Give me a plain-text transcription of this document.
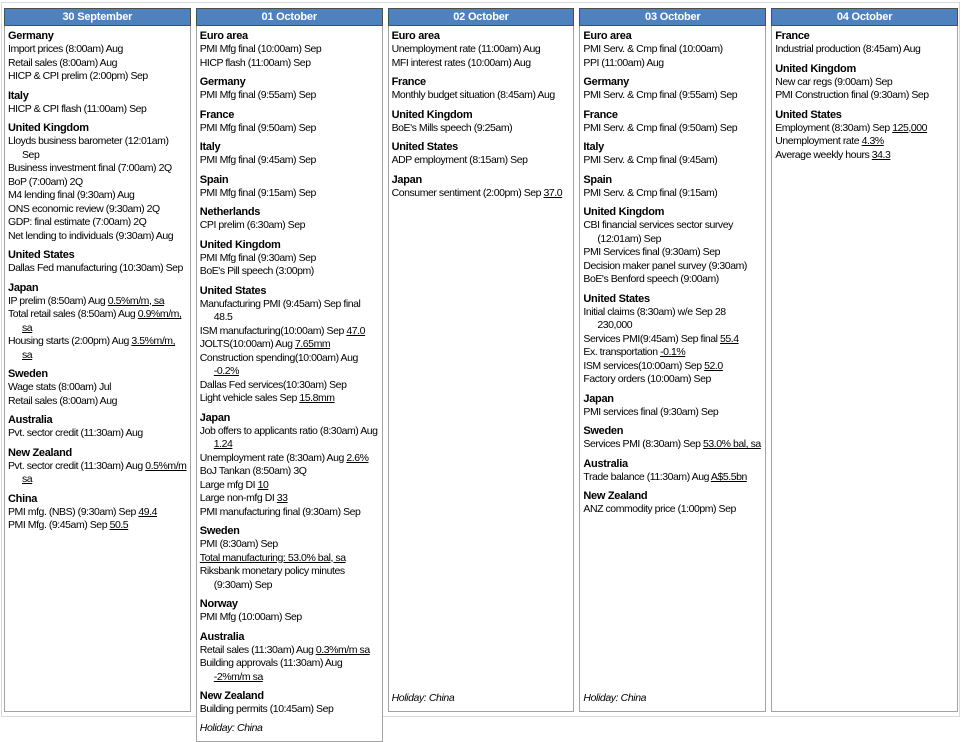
30 September
Germany
Import prices (8:00am) Aug
Retail sales (8:00am) Aug
HICP & CPI prelim (2:00pm) Sep
Italy
HICP & CPI flash (11:00am) Sep
United Kingdom
Lloyds business barometer (12:01am) Sep
Business investment final (7:00am) 2Q
BoP (7:00am) 2Q
M4 lending final (9:30am) Aug
ONS economic review (9:30am) 2Q
GDP: final estimate (7:00am) 2Q
Net lending to individuals (9:30am) Aug
United States
Dallas Fed manufacturing (10:30am) Sep
Japan
IP prelim (8:50am) Aug 0.5%m/m, sa
Total retail sales (8:50am) Aug 0.9%m/m, sa
Housing starts (2:00pm) Aug 3.5%m/m, sa
Sweden
Wage stats (8:00am) Jul
Retail sales (8:00am) Aug
Australia
Pvt. sector credit (11:30am) Aug
New Zealand
Pvt. sector credit (11:30am) Aug 0.5%m/m sa
China
PMI mfg. (NBS) (9:30am) Sep 49.4
PMI Mfg. (9:45am) Sep 50.5
01 October
Euro area
PMI Mfg final (10:00am) Sep
HICP flash (11:00am) Sep
Germany
PMI Mfg final (9:55am) Sep
France
PMI Mfg final (9:50am) Sep
Italy
PMI Mfg final (9:45am) Sep
Spain
PMI Mfg final (9:15am) Sep
Netherlands
CPI prelim (6:30am) Sep
United Kingdom
PMI Mfg final (9:30am) Sep
BoE's Pill speech (3:00pm)
United States
Manufacturing PMI (9:45am) Sep final 48.5
ISM manufacturing(10:00am) Sep 47.0
JOLTS(10:00am) Aug 7.65mm
Construction spending(10:00am) Aug -0.2%
Dallas Fed services(10:30am) Sep
Light vehicle sales Sep 15.8mm
Japan
Job offers to applicants ratio (8:30am) Aug 1.24
Unemployment rate (8:30am) Aug 2.6%
BoJ Tankan (8:50am) 3Q
Large mfg DI 10
Large non-mfg DI 33
PMI manufacturing final (9:30am) Sep
Sweden
PMI (8:30am) Sep
Total manufacturing: 53.0% bal, sa
Riksbank monetary policy minutes (9:30am) Sep
Norway
PMI Mfg (10:00am) Sep
Australia
Retail sales (11:30am) Aug 0.3%m/m sa
Building approvals (11:30am) Aug -2%m/m sa
New Zealand
Building permits (10:45am) Sep
Holiday: China
02 October
Euro area
Unemployment rate (11:00am) Aug
MFI interest rates (10:00am) Aug
France
Monthly budget situation (8:45am) Aug
United Kingdom
BoE's Mills speech (9:25am)
United States
ADP employment (8:15am) Sep
Japan
Consumer sentiment (2:00pm) Sep 37.0
Holiday: China
03 October
Euro area
PMI Serv. & Cmp final (10:00am)
PPI (11:00am) Aug
Germany
PMI Serv. & Cmp final (9:55am) Sep
France
PMI Serv. & Cmp final (9:50am) Sep
Italy
PMI Serv. & Cmp final (9:45am)
Spain
PMI Serv. & Cmp final (9:15am)
United Kingdom
CBI financial services sector survey (12:01am) Sep
PMI Services final (9:30am) Sep
Decision maker panel survey (9:30am)
BoE's Benford speech (9:00am)
United States
Initial claims (8:30am) w/e Sep 28 230,000
Services PMI(9:45am) Sep final 55.4
Ex. transportation -0.1%
ISM services(10:00am) Sep 52.0
Factory orders (10:00am) Sep
Japan
PMI services final (9:30am) Sep
Sweden
Services PMI (8:30am) Sep 53.0% bal, sa
Australia
Trade balance (11:30am) Aug A$5.5bn
New Zealand
ANZ commodity price (1:00pm) Sep
Holiday: China
04 October
France
Industrial production (8:45am) Aug
United Kingdom
New car regs (9:00am) Sep
PMI Construction final (9:30am) Sep
United States
Employment (8:30am) Sep 125,000
Unemployment rate 4.3%
Average weekly hours 34.3
